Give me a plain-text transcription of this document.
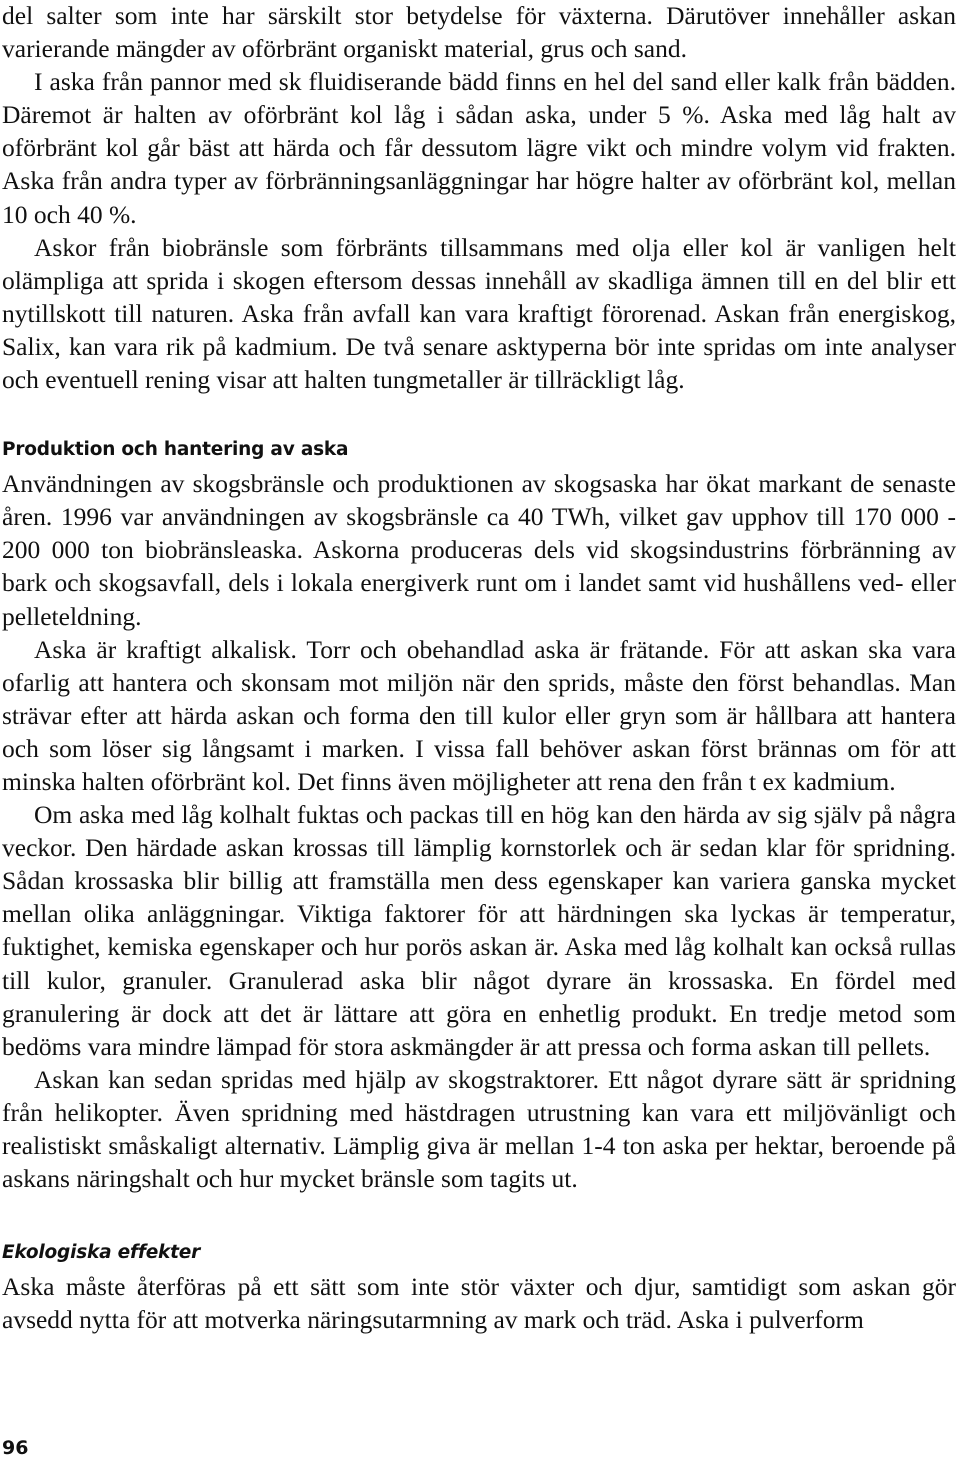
del salter som inte har särskilt stor betydelse för växterna. Därutöver innehåller askan varierande mängder av oförbränt organiskt material, grus och sand.

I aska från pannor med sk fluidiserande bädd finns en hel del sand eller kalk från bädden. Däremot är halten av oförbränt kol låg i sådan aska, under 5 %. Aska med låg halt av oförbränt kol går bäst att härda och får dessutom lägre vikt och mindre volym vid frakten. Aska från andra typer av förbränningsanläggningar har högre halter av oförbränt kol, mellan 10 och 40 %.

Askor från biobränsle som förbränts tillsammans med olja eller kol är vanligen helt olämpliga att sprida i skogen eftersom dessas innehåll av skadliga ämnen till en del blir ett nytillskott till naturen. Aska från avfall kan vara kraftigt förorenad. Askan från energiskog, Salix, kan vara rik på kadmium. De två senare asktyperna bör inte spridas om inte analyser och eventuell rening visar att halten tungmetaller är tillräckligt låg.

Produktion och hantering av aska

Användningen av skogsbränsle och produktionen av skogsaska har ökat markant de senaste åren. 1996 var användningen av skogsbränsle ca 40 TWh, vilket gav upphov till 170 000 - 200 000 ton biobränsleaska. Askorna produceras dels vid skogsindustrins förbränning av bark och skogsavfall, dels i lokala energiverk runt om i landet samt vid hushållens ved- eller pelleteldning.

Aska är kraftigt alkalisk. Torr och obehandlad aska är frätande. För att askan ska vara ofarlig att hantera och skonsam mot miljön när den sprids, måste den först behandlas. Man strävar efter att härda askan och forma den till kulor eller gryn som är hållbara att hantera och som löser sig långsamt i marken. I vissa fall behöver askan först brännas om för att minska halten oförbränt kol. Det finns även möjligheter att rena den från t ex kadmium.

Om aska med låg kolhalt fuktas och packas till en hög kan den härda av sig själv på några veckor. Den härdade askan krossas till lämplig kornstorlek och är sedan klar för spridning. Sådan krossaska blir billig att framställa men dess egenskaper kan variera ganska mycket mellan olika anläggningar. Viktiga faktorer för att härdningen ska lyckas är temperatur, fuktighet, kemiska egenskaper och hur porös askan är. Aska med låg kolhalt kan också rullas till kulor, granuler. Granulerad aska blir något dyrare än krossaska. En fördel med granulering är dock att det är lättare att göra en enhetlig produkt. En tredje metod som bedöms vara mindre lämpad för stora askmängder är att pressa och forma askan till pellets.

Askan kan sedan spridas med hjälp av skogstraktorer. Ett något dyrare sätt är spridning från helikopter. Även spridning med hästdragen utrustning kan vara ett miljövänligt och realistiskt småskaligt alternativ. Lämplig giva är mellan 1-4 ton aska per hektar, beroende på askans näringshalt och hur mycket bränsle som tagits ut.

Ekologiska effekter

Aska måste återföras på ett sätt som inte stör växter och djur, samtidigt som askan gör avsedd nytta för att motverka näringsutarmning av mark och träd. Aska i pulverform

96
